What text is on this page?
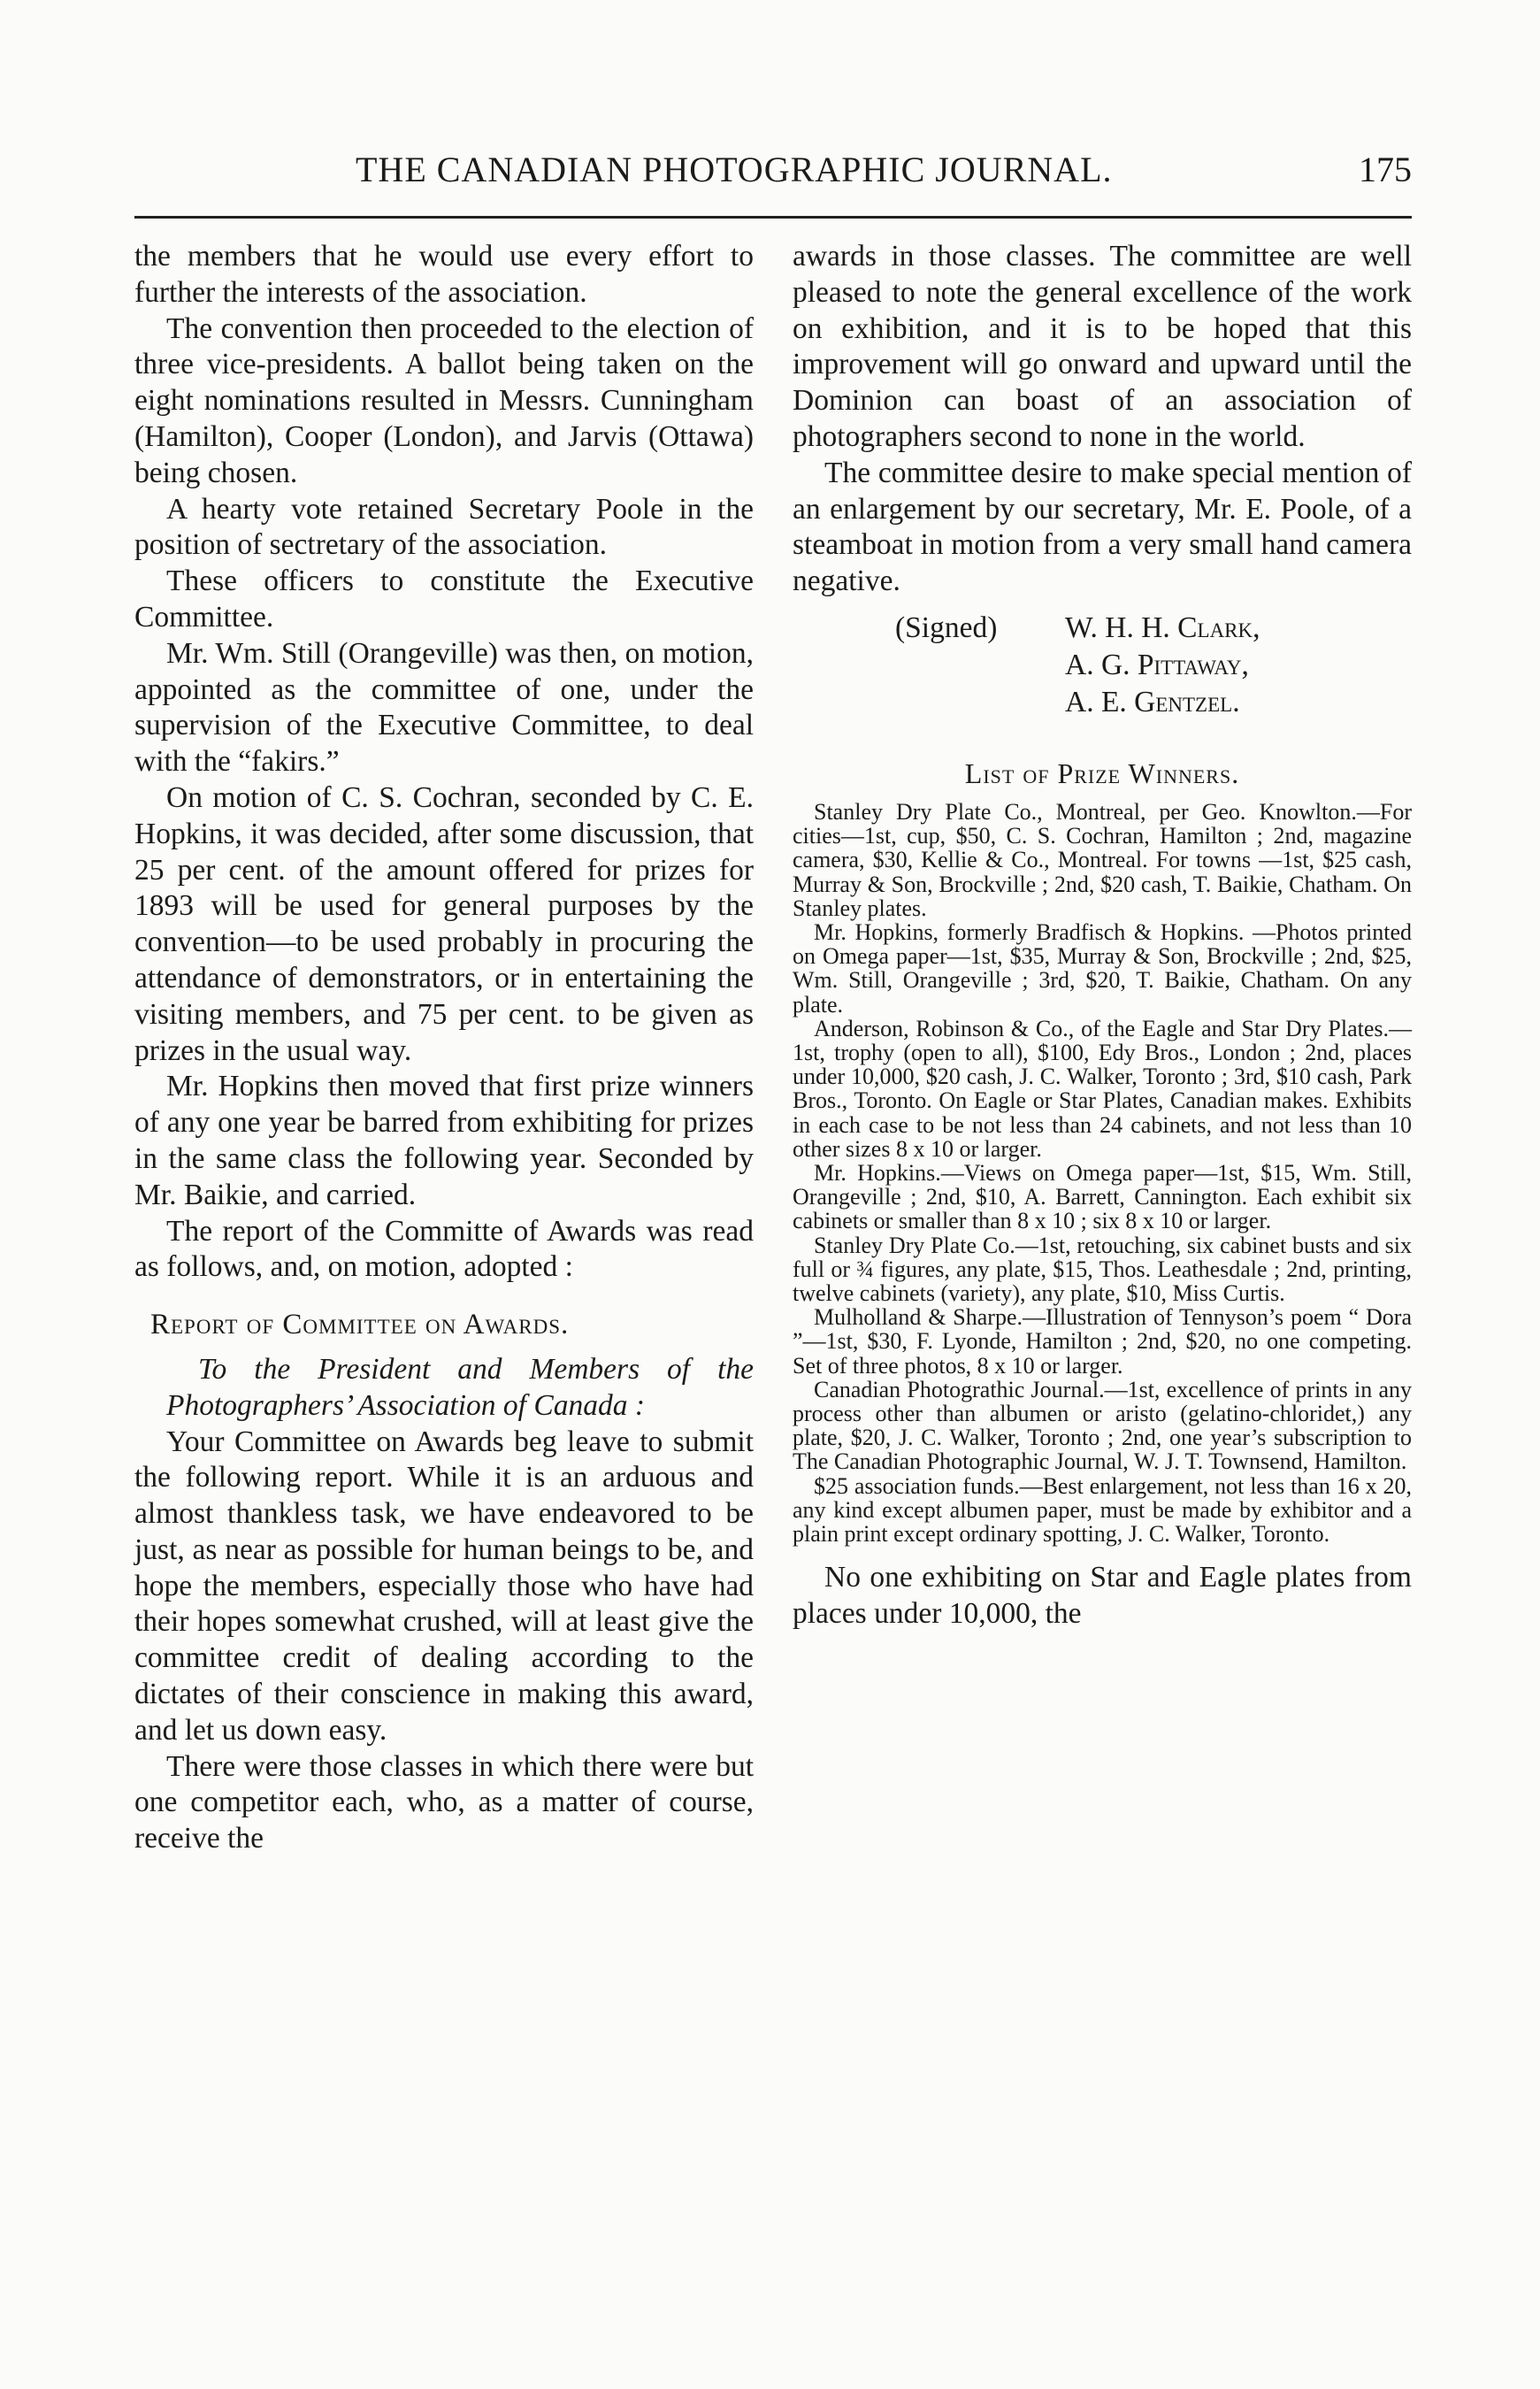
THE CANADIAN PHOTOGRAPHIC JOURNAL.	175

the members that he would use every effort to further the interests of the association.

The convention then proceeded to the election of three vice-presidents. A ballot being taken on the eight nominations resulted in Messrs. Cunningham (Hamilton), Cooper (London), and Jarvis (Ottawa) being chosen.

A hearty vote retained Secretary Poole in the position of sectretary of the association.

These officers to constitute the Executive Committee.

Mr. Wm. Still (Orangeville) was then, on motion, appointed as the committee of one, under the supervision of the Executive Committee, to deal with the “fakirs.”

On motion of C. S. Cochran, seconded by C. E. Hopkins, it was decided, after some discussion, that 25 per cent. of the amount offered for prizes for 1893 will be used for general purposes by the convention—to be used probably in procuring the attendance of demonstrators, or in entertaining the visiting members, and 75 per cent. to be given as prizes in the usual way.

Mr. Hopkins then moved that first prize winners of any one year be barred from exhibiting for prizes in the same class the following year. Seconded by Mr. Baikie, and carried.

The report of the Committe of Awards was read as follows, and, on motion, adopted :

Report of Committee on Awards.

To the President and Members of the Photographers’ Association of Canada :

Your Committee on Awards beg leave to submit the following report. While it is an arduous and almost thankless task, we have endeavored to be just, as near as possible for human beings to be, and hope the members, especially those who have had their hopes somewhat crushed, will at least give the committee credit of dealing according to the dictates of their conscience in making this award, and let us down easy.

There were those classes in which there were but one competitor each, who, as a matter of course, receive the

awards in those classes. The committee are well pleased to note the general excellence of the work on exhibition, and it is to be hoped that this improvement will go onward and upward until the Dominion can boast of an association of photographers second to none in the world.

The committee desire to make special mention of an enlargement by our secretary, Mr. E. Poole, of a steamboat in motion from a very small hand camera negative.

(Signed) W. H. H. Clark,
A. G. Pittaway,
A. E. Gentzel.
List of Prize Winners.

Stanley Dry Plate Co., Montreal, per Geo. Knowlton.—For cities—1st, cup, $50, C. S. Cochran, Hamilton ; 2nd, magazine camera, $30, Kellie & Co., Montreal. For towns —1st, $25 cash, Murray & Son, Brockville ; 2nd, $20 cash, T. Baikie, Chatham. On Stanley plates.

Mr. Hopkins, formerly Bradfisch & Hopkins. —Photos printed on Omega paper—1st, $35, Murray & Son, Brockville ; 2nd, $25, Wm. Still, Orangeville ; 3rd, $20, T. Baikie, Chatham. On any plate.

Anderson, Robinson & Co., of the Eagle and Star Dry Plates.—1st, trophy (open to all), $100, Edy Bros., London ; 2nd, places under 10,000, $20 cash, J. C. Walker, Toronto ; 3rd, $10 cash, Park Bros., Toronto. On Eagle or Star Plates, Canadian makes. Exhibits in each case to be not less than 24 cabinets, and not less than 10 other sizes 8 x 10 or larger.

Mr. Hopkins.—Views on Omega paper—1st, $15, Wm. Still, Orangeville ; 2nd, $10, A. Barrett, Cannington. Each exhibit six cabinets or smaller than 8 x 10 ; six 8 x 10 or larger.

Stanley Dry Plate Co.—1st, retouching, six cabinet busts and six full or ¾ figures, any plate, $15, Thos. Leathesdale ; 2nd, printing, twelve cabinets (variety), any plate, $10, Miss Curtis.

Mulholland & Sharpe.—Illustration of Tennyson’s poem “ Dora ”—1st, $30, F. Lyonde, Hamilton ; 2nd, $20, no one competing. Set of three photos, 8 x 10 or larger.

Canadian Photograthic Journal.—1st, excellence of prints in any process other than albumen or aristo (gelatino-chloridet,) any plate, $20, J. C. Walker, Toronto ; 2nd, one year’s subscription to The Canadian Photographic Journal, W. J. T. Townsend, Hamilton.

$25 association funds.—Best enlargement, not less than 16 x 20, any kind except albumen paper, must be made by exhibitor and a plain print except ordinary spotting, J. C. Walker, Toronto.

No one exhibiting on Star and Eagle plates from places under 10,000, the
